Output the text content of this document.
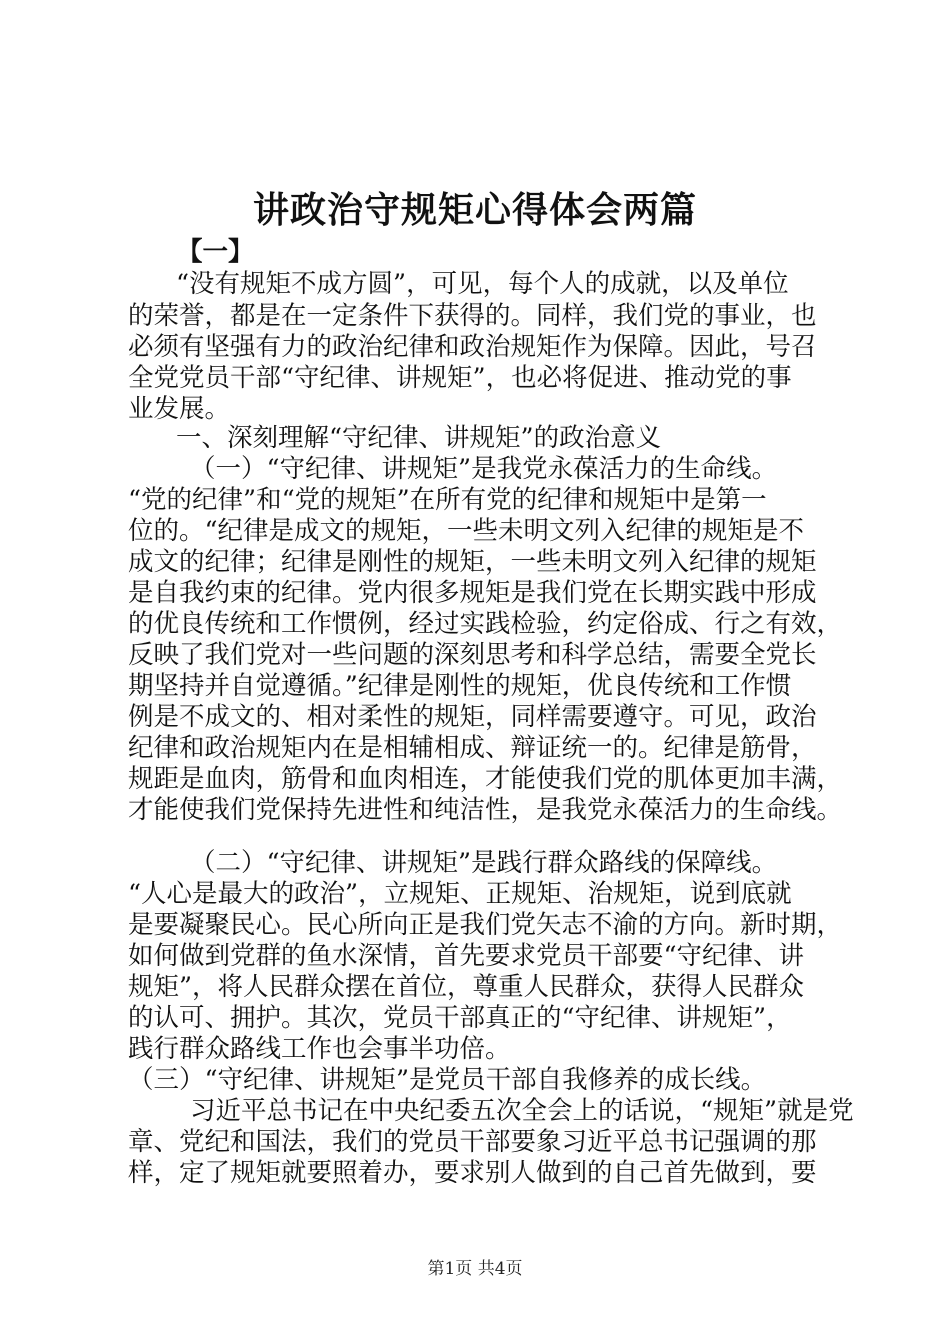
讲政治守规矩心得体会两篇
【一】
“没有规矩不成方圆”，可见，每个人的成就，以及单位
的荣誉，都是在一定条件下获得的。同样，我们党的事业，也
必须有坚强有力的政治纪律和政治规矩作为保障。因此，号召
全党党员干部“守纪律、讲规矩”，也必将促进、推动党的事
业发展。
一、深刻理解“守纪律、讲规矩”的政治意义
（一）“守纪律、讲规矩”是我党永葆活力的生命线。
“党的纪律”和“党的规矩”在所有党的纪律和规矩中是第一
位的。“纪律是成文的规矩，一些未明文列入纪律的规矩是不
成文的纪律；纪律是刚性的规矩，一些未明文列入纪律的规矩
是自我约束的纪律。党内很多规矩是我们党在长期实践中形成
的优良传统和工作惯例，经过实践检验，约定俗成、行之有效，
反映了我们党对一些问题的深刻思考和科学总结，需要全党长
期坚持并自觉遵循。”纪律是刚性的规矩，优良传统和工作惯
例是不成文的、相对柔性的规矩，同样需要遵守。可见，政治
纪律和政治规矩内在是相辅相成、辩证统一的。纪律是筋骨，
规距是血肉，筋骨和血肉相连，才能使我们党的肌体更加丰满，
才能使我们党保持先进性和纯洁性，是我党永葆活力的生命线。
（二）“守纪律、讲规矩”是践行群众路线的保障线。
“人心是最大的政治”，立规矩、正规矩、治规矩，说到底就
是要凝聚民心。民心所向正是我们党矢志不渝的方向。新时期，
如何做到党群的鱼水深情，首先要求党员干部要“守纪律、讲
规矩”，将人民群众摆在首位，尊重人民群众，获得人民群众
的认可、拥护。其次，党员干部真正的“守纪律、讲规矩”，
践行群众路线工作也会事半功倍。
（三）“守纪律、讲规矩”是党员干部自我修养的成长线。
习近平总书记在中央纪委五次全会上的话说，“规矩”就是党
章、党纪和国法，我们的党员干部要象习近平总书记强调的那
样，定了规矩就要照着办，要求别人做到的自己首先做到，要
第1页 共4页
